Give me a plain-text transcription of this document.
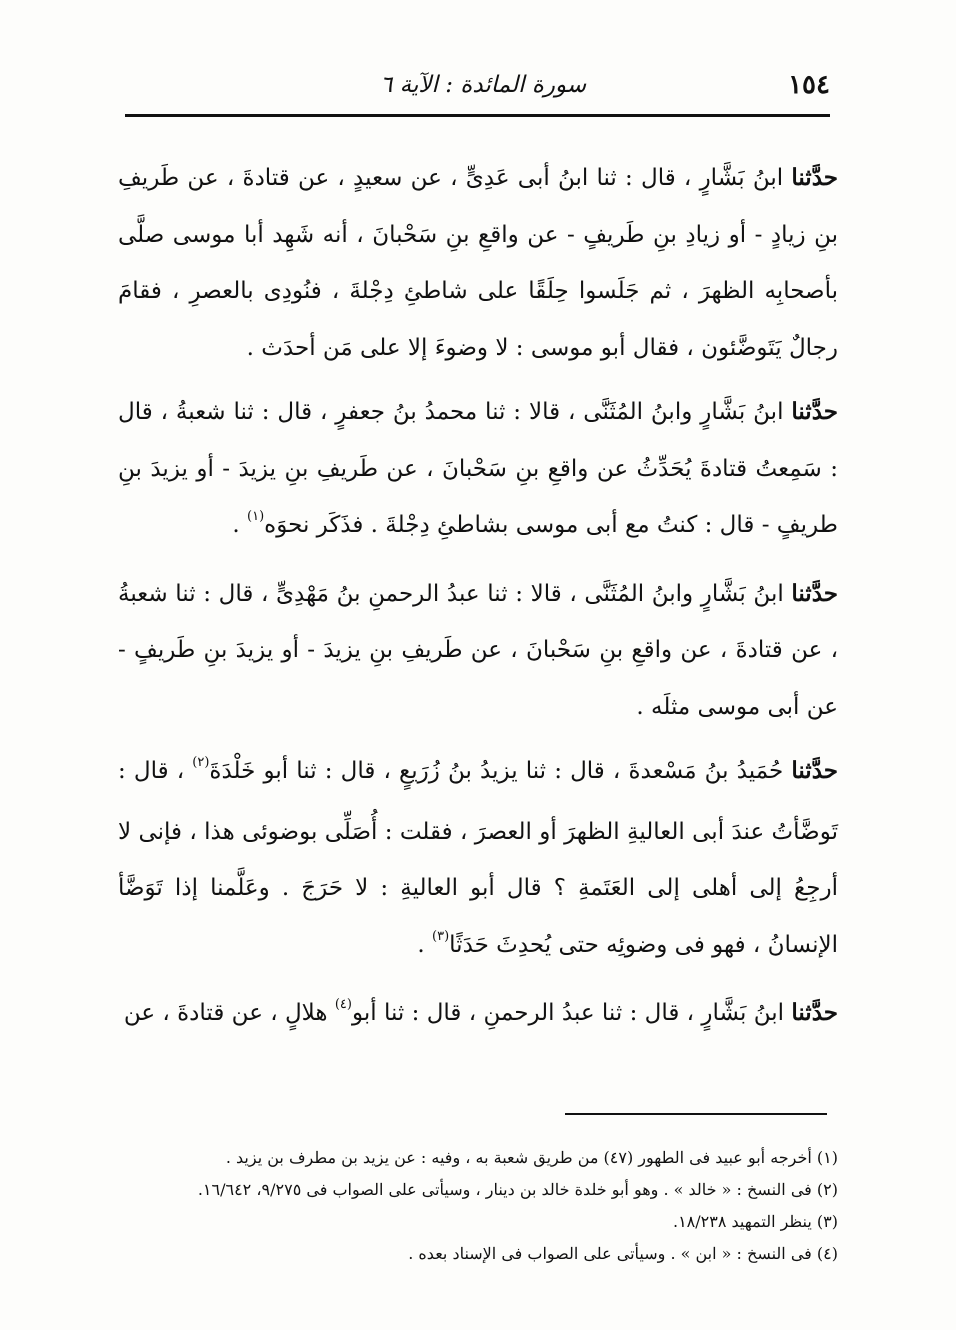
١٥٤
سورة المائدة : الآية ٦

حدَّثنا ابنُ بَشَّارٍ ، قال : ثنا ابنُ أبى عَدِىٍّ ، عن سعيدٍ ، عن قتادةَ ، عن طَريفِ بنِ زيادٍ - أو زيادِ بنِ طَريفٍ - عن واقعِ بنِ سَحْبانَ ، أنه شَهِد أبا موسى صلَّى بأصحابِه الظهرَ ، ثم جَلَسوا حِلَقًا على شاطئِ دِجْلةَ ، فنُودِى بالعصرِ ، فقامَ رجالٌ يَتَوضَّئون ، فقال أبو موسى : لا وضوءَ إلا على مَن أحدَث .

حدَّثنا ابنُ بَشَّارٍ وابنُ المُثَنَّى ، قالا : ثنا محمدُ بنُ جعفرٍ ، قال : ثنا شعبةُ ، قال : سَمِعتُ قتادةَ يُحَدِّثُ عن واقعِ بنِ سَحْبانَ ، عن طَريفِ بنِ يزيدَ - أو يزيدَ بنِ طريفٍ - قال : كنتُ مع أبى موسى بشاطئِ دِجْلةَ . فذَكَر نحوَه$^{(١)}$ .

حدَّثنا ابنُ بَشَّارٍ وابنُ المُثَنَّى ، قالا : ثنا عبدُ الرحمنِ بنُ مَهْدِىٍّ ، قال : ثنا شعبةُ ، عن قتادةَ ، عن واقعِ بنِ سَحْبانَ ، عن طَريفِ بنِ يزيدَ - أو يزيدَ بنِ طَريفٍ - عن أبى موسى مثلَه .

حدَّثنا حُمَيدُ بنُ مَسْعدةَ ، قال : ثنا يزيدُ بنُ زُرَيعٍ ، قال : ثنا أبو خَلْدَةَ$^{(٢)}$ ، قال : تَوضَّأتُ عندَ أبى العاليةِ الظهرَ أو العصرَ ، فقلت : أُصَلِّى بوضوئى هذا ، فإنى لا أرجِعُ إلى أهلى إلى العَتَمةِ ؟ قال أبو العاليةِ : لا حَرَجَ . وعَلَّمنا إذا تَوَضَّأ الإنسانُ ، فهو فى وضوئِه حتى يُحدِثَ حَدَثًا$^{(٣)}$ .

حدَّثنا ابنُ بَشَّارٍ ، قال : ثنا عبدُ الرحمنِ ، قال : ثنا أبو$^{(٤)}$ هلالٍ ، عن قتادةَ ، عن

(١) أخرجه أبو عبيد فى الطهور (٤٧) من طريق شعبة به ، وفيه : عن يزيد بن مطرف بن يزيد .

(٢) فى النسخ : « خالد » . وهو أبو خلدة خالد بن دينار ، وسيأتى على الصواب فى ٩/٢٧٥، ١٦/٦٤٢.

(٣) ينظر التمهيد ١٨/٢٣٨.

(٤) فى النسخ : « ابن » . وسيأتى على الصواب فى الإسناد بعده .
